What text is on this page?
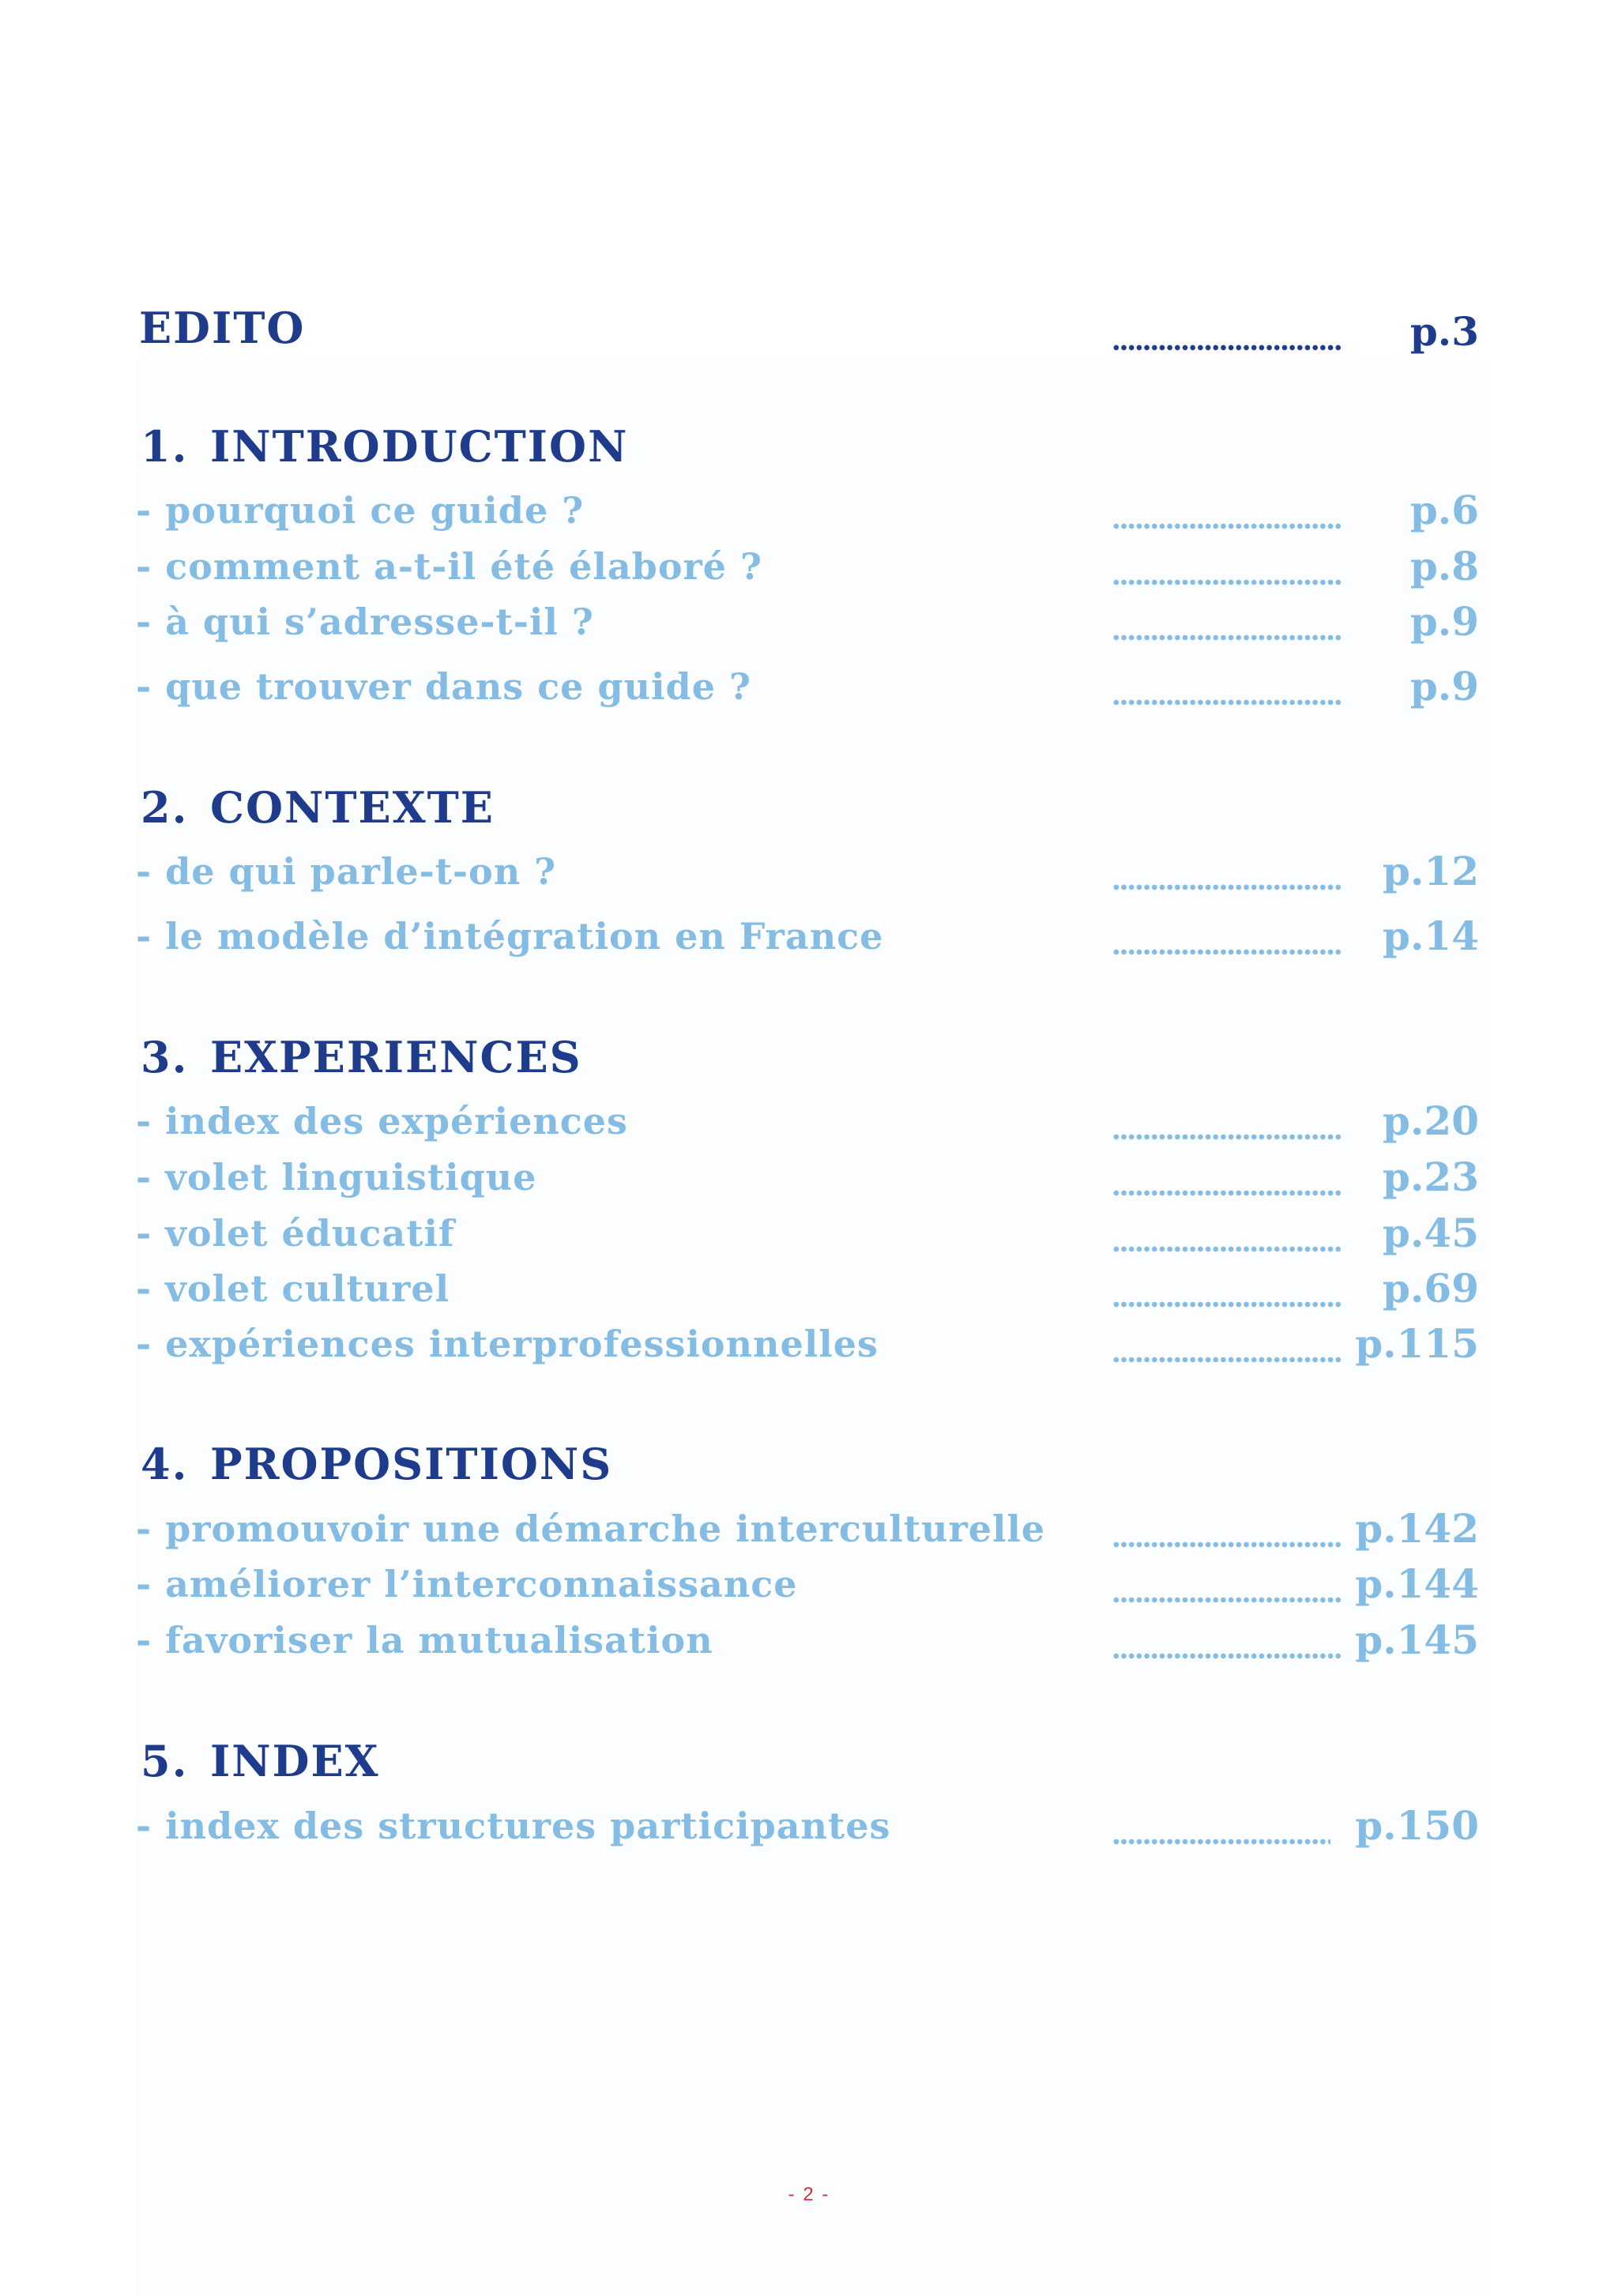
EDITO	p.3
1. INTRODUCTION
- pourquoi ce guide ?	p.6
- comment a-t-il été élaboré ?	p.8
- à qui s’adresse-t-il ?	p.9
- que trouver dans ce guide ?	p.9
2. CONTEXTE
- de qui parle-t-on ?	p.12
- le modèle d’intégration en France	p.14
3. EXPERIENCES
- index des expériences	p.20
- volet linguistique	p.23
- volet éducatif	p.45
- volet culturel	p.69
- expériences interprofessionnelles	p.115
4. PROPOSITIONS
- promouvoir une démarche interculturelle	p.142
- améliorer l’interconnaissance	p.144
- favoriser la mutualisation	p.145
5. INDEX
- index des structures participantes	p.150
- 2 -
